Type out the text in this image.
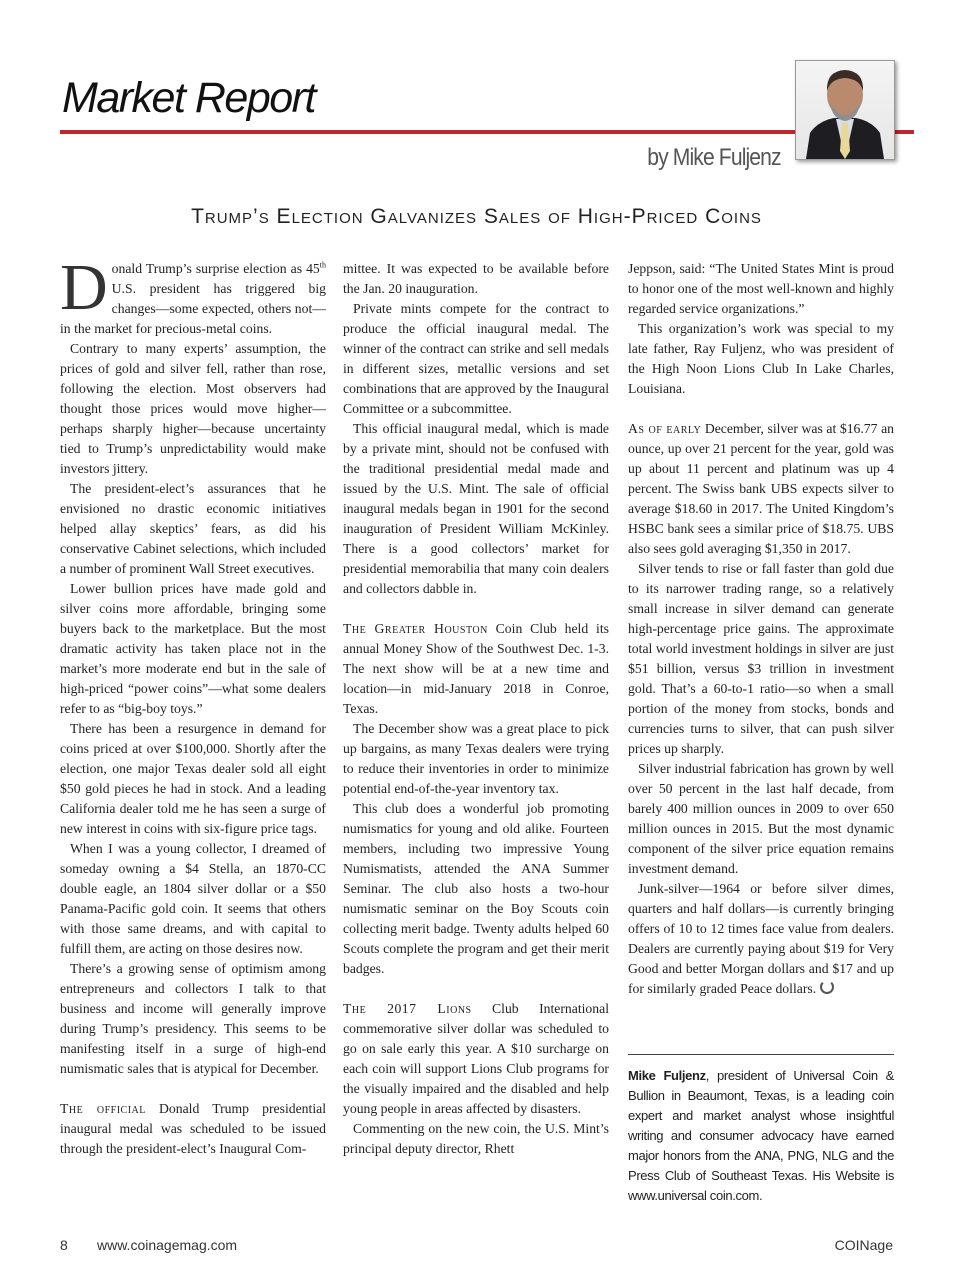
Market Report
by Mike Fuljenz
Trump’s Election Galvanizes Sales of High-Priced Coins

Donald Trump’s surprise election as 45th U.S. president has triggered big changes—some expected, others not—in the market for precious-metal coins.

Contrary to many experts’ assumption, the prices of gold and silver fell, rather than rose, following the election. Most observers had thought those prices would move higher—perhaps sharply higher—because uncertainty tied to Trump’s unpredictability would make investors jittery.

The president-elect’s assurances that he envisioned no drastic economic initiatives helped allay skeptics’ fears, as did his conservative Cabinet selections, which included a number of prominent Wall Street executives.

Lower bullion prices have made gold and silver coins more affordable, bringing some buyers back to the marketplace. But the most dramatic activity has taken place not in the market’s more moderate end but in the sale of high-priced “power coins”—what some dealers refer to as “big-boy toys.”

There has been a resurgence in demand for coins priced at over $100,000. Shortly after the election, one major Texas dealer sold all eight $50 gold pieces he had in stock. And a leading California dealer told me he has seen a surge of new interest in coins with six-figure price tags.

When I was a young collector, I dreamed of someday owning a $4 Stella, an 1870-CC double eagle, an 1804 silver dollar or a $50 Panama-Pacific gold coin. It seems that others with those same dreams, and with capital to fulfill them, are acting on those desires now.

There’s a growing sense of optimism among entrepreneurs and collectors I talk to that business and income will generally improve during Trump’s presidency. This seems to be manifesting itself in a surge of high-end numismatic sales that is atypical for December.

The official Donald Trump presidential inaugural medal was scheduled to be issued through the president-elect’s Inaugural Com-

mittee. It was expected to be available before the Jan. 20 inauguration.

Private mints compete for the contract to produce the official inaugural medal. The winner of the contract can strike and sell medals in different sizes, metallic versions and set combinations that are approved by the Inaugural Committee or a subcommittee.

This official inaugural medal, which is made by a private mint, should not be confused with the traditional presidential medal made and issued by the U.S. Mint. The sale of official inaugural medals began in 1901 for the second inauguration of President William McKinley. There is a good collectors’ market for presidential memorabilia that many coin dealers and collectors dabble in.

The Greater Houston Coin Club held its annual Money Show of the Southwest Dec. 1-3. The next show will be at a new time and location—in mid-January 2018 in Conroe, Texas.

The December show was a great place to pick up bargains, as many Texas dealers were trying to reduce their inventories in order to minimize potential end-of-the-year inventory tax.

This club does a wonderful job promoting numismatics for young and old alike. Fourteen members, including two impressive Young Numismatists, attended the ANA Summer Seminar. The club also hosts a two-hour numismatic seminar on the Boy Scouts coin collecting merit badge. Twenty adults helped 60 Scouts complete the program and get their merit badges.

The 2017 Lions Club International commemorative silver dollar was scheduled to go on sale early this year. A $10 surcharge on each coin will support Lions Club programs for the visually impaired and the disabled and help young people in areas affected by disasters.

Commenting on the new coin, the U.S. Mint’s principal deputy director, Rhett

Jeppson, said: “The United States Mint is proud to honor one of the most well-known and highly regarded service organizations.”

This organization’s work was special to my late father, Ray Fuljenz, who was president of the High Noon Lions Club In Lake Charles, Louisiana.

As of early December, silver was at $16.77 an ounce, up over 21 percent for the year, gold was up about 11 percent and platinum was up 4 percent. The Swiss bank UBS expects silver to average $18.60 in 2017. The United Kingdom’s HSBC bank sees a similar price of $18.75. UBS also sees gold averaging $1,350 in 2017.

Silver tends to rise or fall faster than gold due to its narrower trading range, so a relatively small increase in silver demand can generate high-percentage price gains. The approximate total world investment holdings in silver are just $51 billion, versus $3 trillion in investment gold. That’s a 60-to-1 ratio—so when a small portion of the money from stocks, bonds and currencies turns to silver, that can push silver prices up sharply.

Silver industrial fabrication has grown by well over 50 percent in the last half decade, from barely 400 million ounces in 2009 to over 650 million ounces in 2015. But the most dynamic component of the silver price equation remains investment demand.

Junk-silver—1964 or before silver dimes, quarters and half dollars—is currently bringing offers of 10 to 12 times face value from dealers. Dealers are currently paying about $19 for Very Good and better Morgan dollars and $17 and up for similarly graded Peace dollars.

Mike Fuljenz, president of Universal Coin & Bullion in Beaumont, Texas, is a leading coin expert and market analyst whose insightful writing and consumer advocacy have earned major honors from the ANA, PNG, NLG and the Press Club of Southeast Texas. His Website is www.universal coin.com.
8 www.coinagemag.com	COINage
